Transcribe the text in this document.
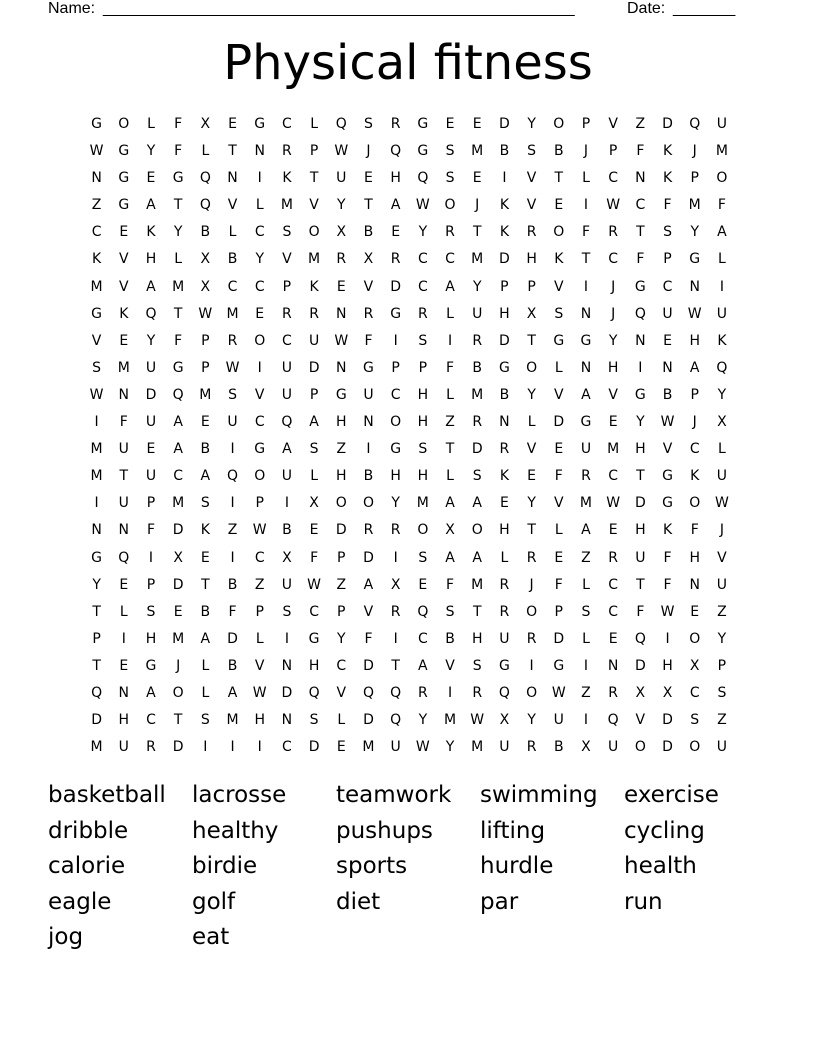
Name: _____________________________________________________	Date: _______
Physical fitness
G	O	L	F	X	E	G	C	L	Q	S	R	G	E	E	D	Y	O	P	V	Z	D	Q	U
W	G	Y	F	L	T	N	R	P	W	J	Q	G	S	M	B	S	B	J	P	F	K	J	M
N	G	E	G	Q	N	I	K	T	U	E	H	Q	S	E	I	V	T	L	C	N	K	P	O
Z	G	A	T	Q	V	L	M	V	Y	T	A	W	O	J	K	V	E	I	W	C	F	M	F
C	E	K	Y	B	L	C	S	O	X	B	E	Y	R	T	K	R	O	F	R	T	S	Y	A
K	V	H	L	X	B	Y	V	M	R	X	R	C	C	M	D	H	K	T	C	F	P	G	L
M	V	A	M	X	C	C	P	K	E	V	D	C	A	Y	P	P	V	I	J	G	C	N	I
G	K	Q	T	W	M	E	R	R	N	R	G	R	L	U	H	X	S	N	J	Q	U	W	U
V	E	Y	F	P	R	O	C	U	W	F	I	S	I	R	D	T	G	G	Y	N	E	H	K
S	M	U	G	P	W	I	U	D	N	G	P	P	F	B	G	O	L	N	H	I	N	A	Q
W	N	D	Q	M	S	V	U	P	G	U	C	H	L	M	B	Y	V	A	V	G	B	P	Y
I	F	U	A	E	U	C	Q	A	H	N	O	H	Z	R	N	L	D	G	E	Y	W	J	X
M	U	E	A	B	I	G	A	S	Z	I	G	S	T	D	R	V	E	U	M	H	V	C	L
M	T	U	C	A	Q	O	U	L	H	B	H	H	L	S	K	E	F	R	C	T	G	K	U
I	U	P	M	S	I	P	I	X	O	O	Y	M	A	A	E	Y	V	M	W	D	G	O	W
N	N	F	D	K	Z	W	B	E	D	R	R	O	X	O	H	T	L	A	E	H	K	F	J
G	Q	I	X	E	I	C	X	F	P	D	I	S	A	A	L	R	E	Z	R	U	F	H	V
Y	E	P	D	T	B	Z	U	W	Z	A	X	E	F	M	R	J	F	L	C	T	F	N	U
T	L	S	E	B	F	P	S	C	P	V	R	Q	S	T	R	O	P	S	C	F	W	E	Z
P	I	H	M	A	D	L	I	G	Y	F	I	C	B	H	U	R	D	L	E	Q	I	O	Y
T	E	G	J	L	B	V	N	H	C	D	T	A	V	S	G	I	G	I	N	D	H	X	P
Q	N	A	O	L	A	W	D	Q	V	Q	Q	R	I	R	Q	O	W	Z	R	X	X	C	S
D	H	C	T	S	M	H	N	S	L	D	Q	Y	M	W	X	Y	U	I	Q	V	D	S	Z
M	U	R	D	I	I	I	C	D	E	M	U	W	Y	M	U	R	B	X	U	O	D	O	U
basketball	lacrosse	teamwork	swimming	exercise
dribble	healthy	pushups	lifting	cycling
calorie	birdie	sports	hurdle	health
eagle	golf	diet	par	run
jog	eat
